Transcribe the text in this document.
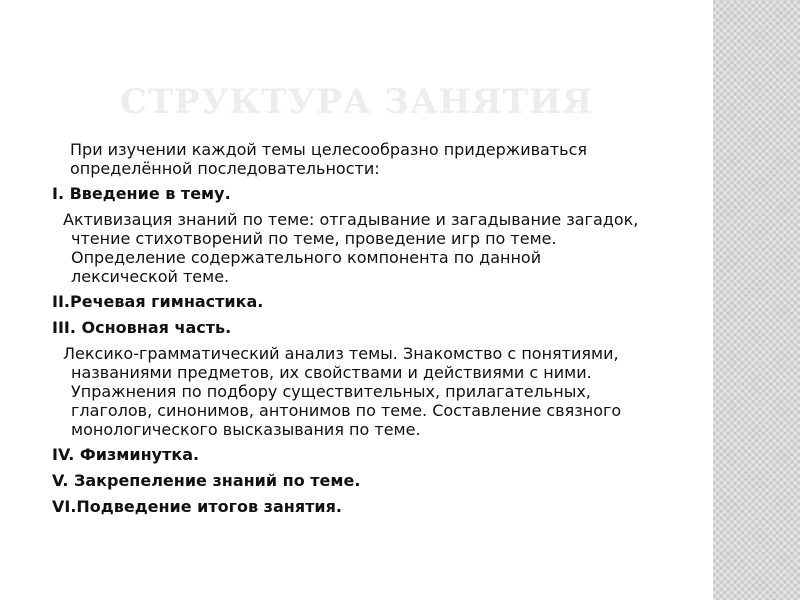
СТРУКТУРА ЗАНЯТИЯ

При изучении каждой темы целесообразно придерживаться определённой последовательности:

I. Введение в тему.

Активизация знаний по теме: отгадывание и загадывание загадок, чтение стихотворений по теме, проведение игр по теме. Определение содержательного компонента по данной лексической теме.

II.Речевая гимнастика.

III. Основная часть.

Лексико-грамматический анализ темы. Знакомство с понятиями, названиями предметов, их свойствами и действиями с ними. Упражнения по подбору существительных, прилагательных, глаголов, синонимов, антонимов по теме. Составление связного монологического высказывания по теме.

IV. Физминутка.

V. Закрепеление знаний по теме.

VI.Подведение итогов занятия.
